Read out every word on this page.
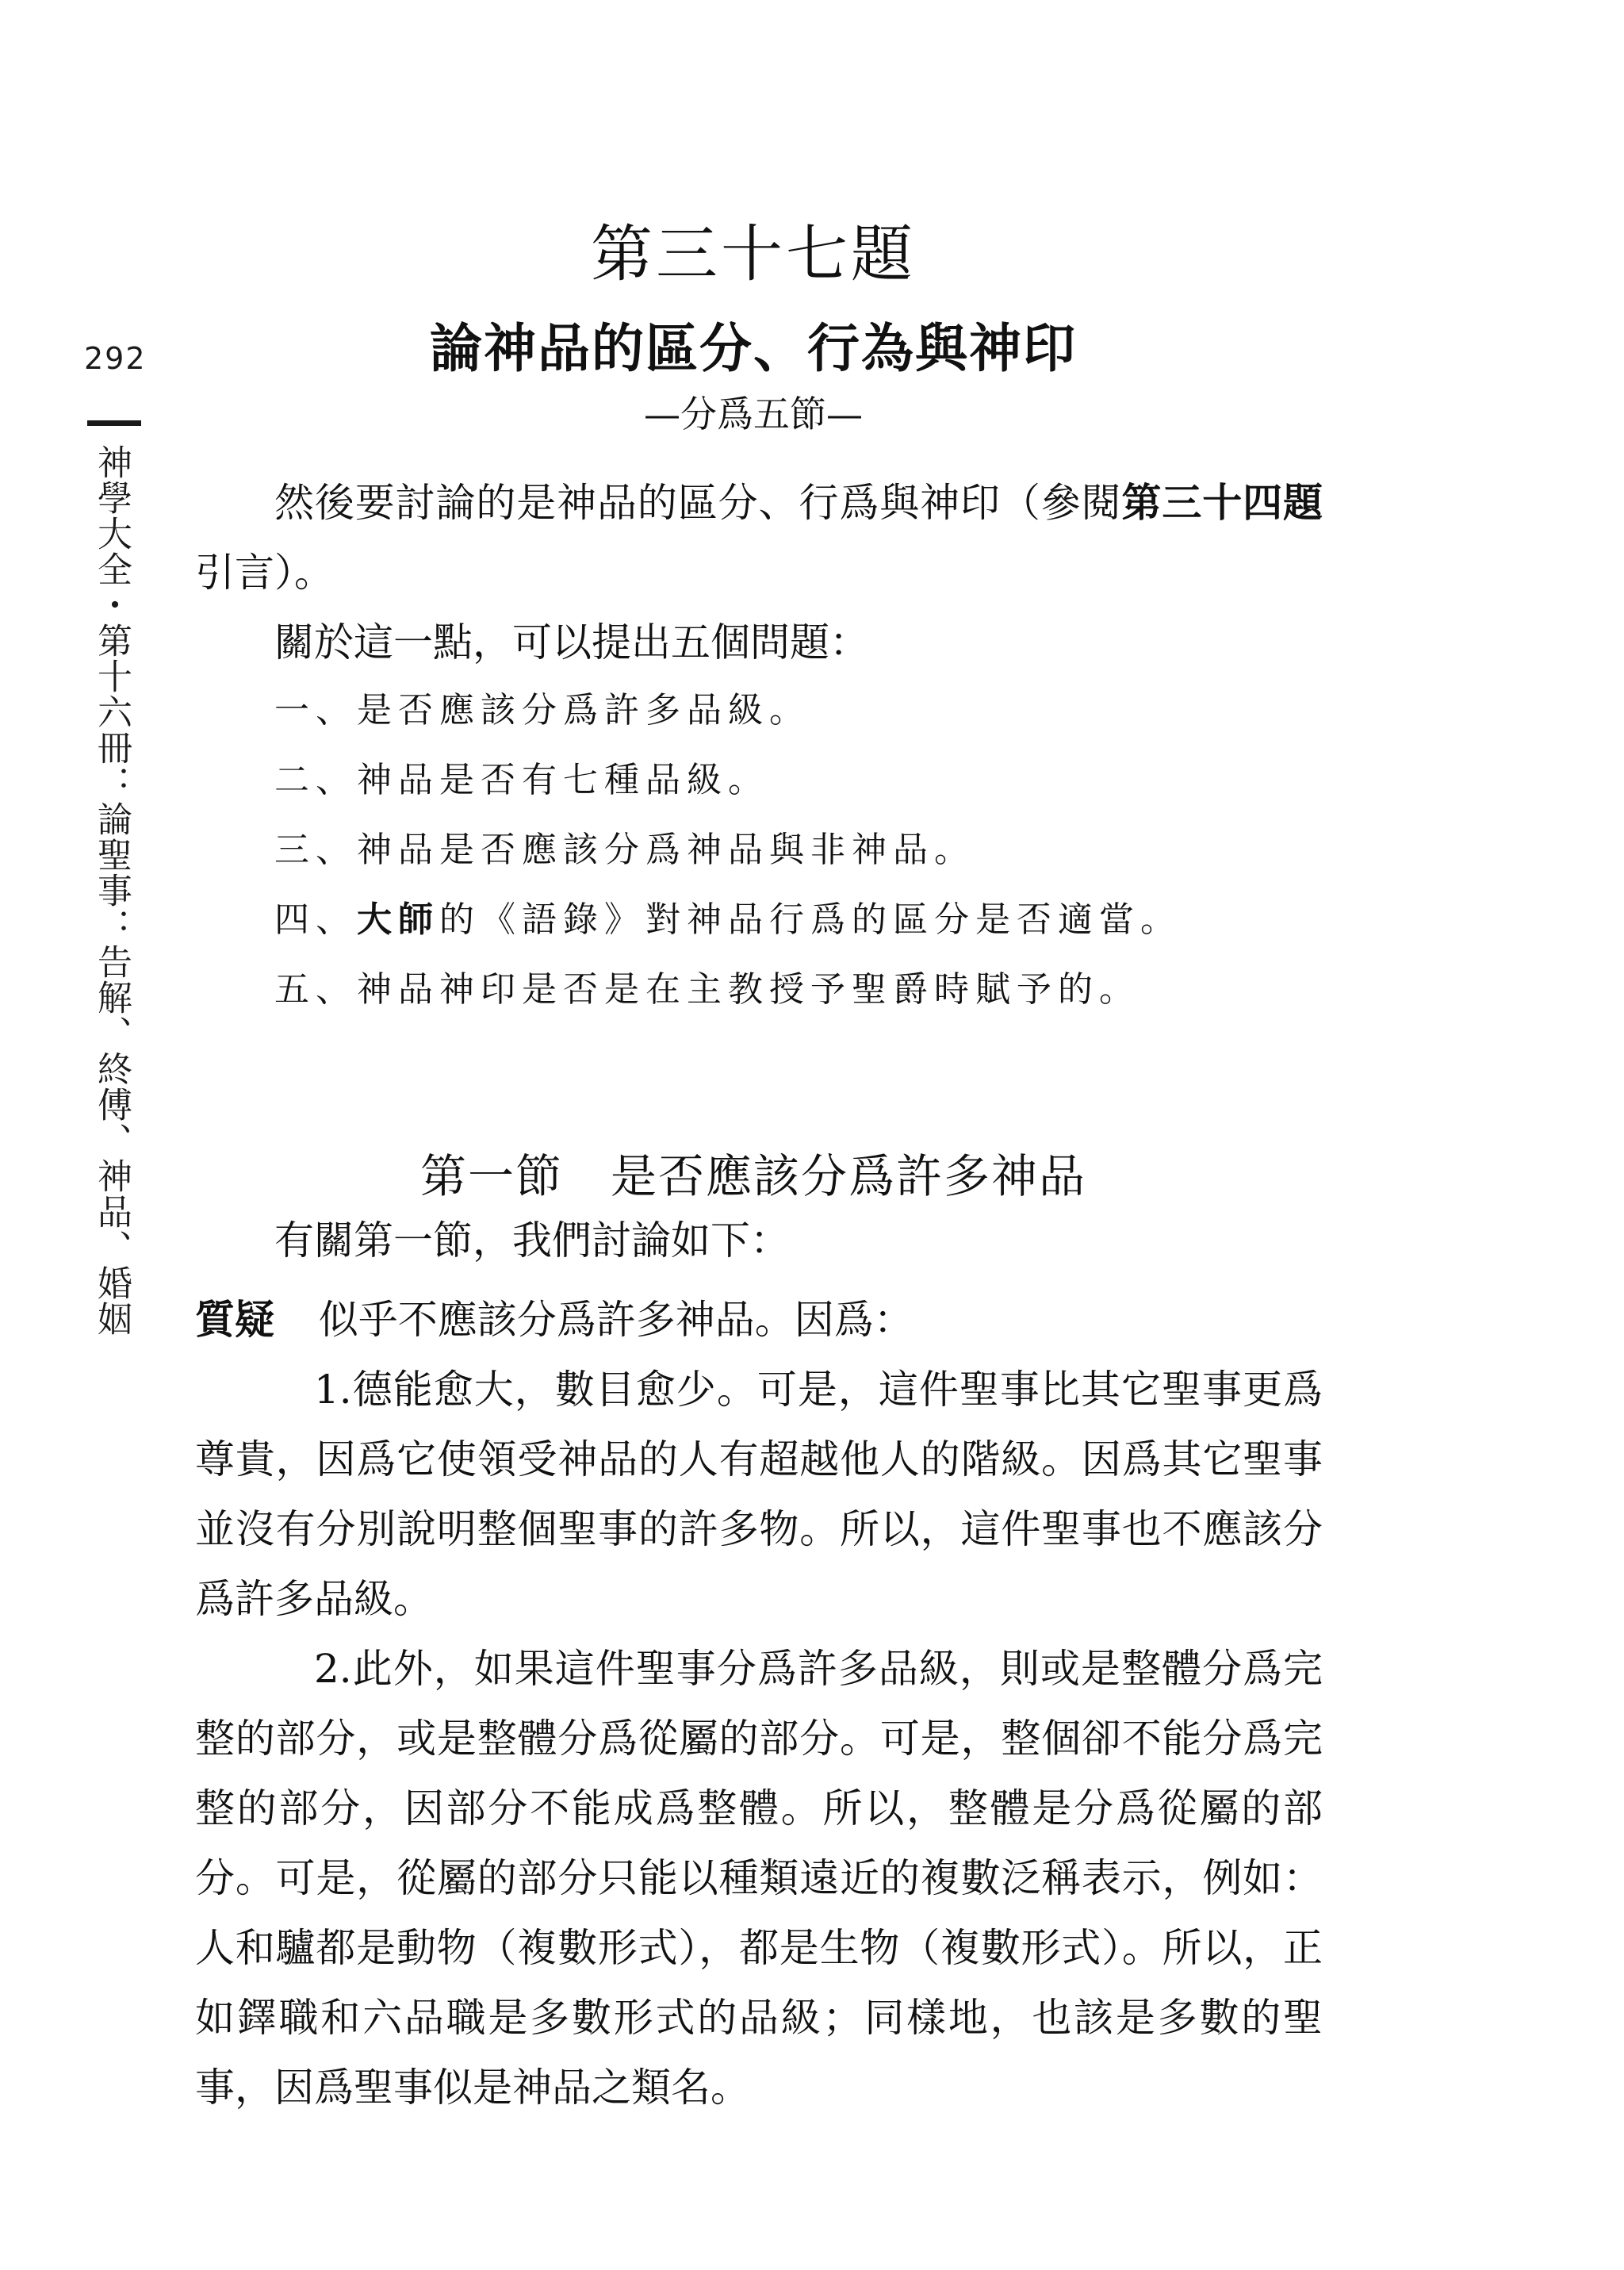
292
神學大全・第十六冊：論聖事：告解、終傅、神品、婚姻
第三十七題
論神品的區分、行為與神印
—分爲五節—

然後要討論的是神品的區分、行爲與神印（參閱第三十四題引言）。

關於這一點，可以提出五個問題：

一、是否應該分爲許多品級。
二、神品是否有七種品級。
三、神品是否應該分爲神品與非神品。
四、大師的《語錄》對神品行爲的區分是否適當。
五、神品神印是否是在主教授予聖爵時賦予的。
第一節 是否應該分爲許多神品

有關第一節，我們討論如下：

質疑 似乎不應該分爲許多神品。因爲：

1.德能愈大，數目愈少。可是，這件聖事比其它聖事更爲尊貴，因爲它使領受神品的人有超越他人的階級。因爲其它聖事並沒有分別說明整個聖事的許多物。所以，這件聖事也不應該分爲許多品級。

2.此外，如果這件聖事分爲許多品級，則或是整體分爲完整的部分，或是整體分爲從屬的部分。可是，整個卻不能分爲完整的部分，因部分不能成爲整體。所以，整體是分爲從屬的部分。可是，從屬的部分只能以種類遠近的複數泛稱表示，例如：人和驢都是動物（複數形式），都是生物（複數形式）。所以，正如鐸職和六品職是多數形式的品級；同樣地，也該是多數的聖事，因爲聖事似是神品之類名。
